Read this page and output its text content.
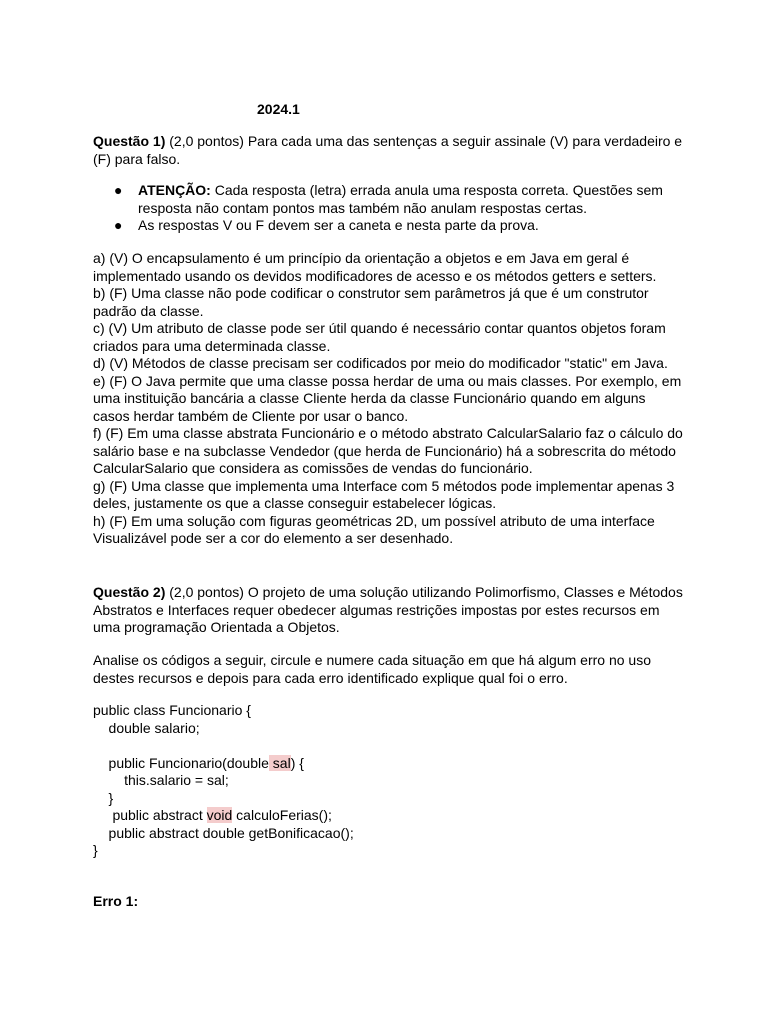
2024.1
Questão 1) (2,0 pontos) Para cada uma das sentenças a seguir assinale (V) para verdadeiro e (F) para falso.
● ATENÇÃO: Cada resposta (letra) errada anula uma resposta correta. Questões sem resposta não contam pontos mas também não anulam respostas certas.
● As respostas V ou F devem ser a caneta e nesta parte da prova.
a) (V) O encapsulamento é um princípio da orientação a objetos e em Java em geral é implementado usando os devidos modificadores de acesso e os métodos getters e setters.
b) (F) Uma classe não pode codificar o construtor sem parâmetros já que é um construtor padrão da classe.
c) (V) Um atributo de classe pode ser útil quando é necessário contar quantos objetos foram criados para uma determinada classe.
d) (V) Métodos de classe precisam ser codificados por meio do modificador "static" em Java.
e) (F) O Java permite que uma classe possa herdar de uma ou mais classes. Por exemplo, em uma instituição bancária a classe Cliente herda da classe Funcionário quando em alguns casos herdar também de Cliente por usar o banco.
f) (F) Em uma classe abstrata Funcionário e o método abstrato CalcularSalario faz o cálculo do salário base e na subclasse Vendedor (que herda de Funcionário) há a sobrescrita do método CalcularSalario que considera as comissões de vendas do funcionário.
g) (F) Uma classe que implementa uma Interface com 5 métodos pode implementar apenas 3 deles, justamente os que a classe conseguir estabelecer lógicas.
h) (F) Em uma solução com figuras geométricas 2D, um possível atributo de uma interface Visualizável pode ser a cor do elemento a ser desenhado.
Questão 2) (2,0 pontos) O projeto de uma solução utilizando Polimorfismo, Classes e Métodos Abstratos e Interfaces requer obedecer algumas restrições impostas por estes recursos em uma programação Orientada a Objetos.
Analise os códigos a seguir, circule e numere cada situação em que há algum erro no uso destes recursos e depois para cada erro identificado explique qual foi o erro.
public class Funcionario {
double salario;
public Funcionario(double sal) {
this.salario = sal;
}
public abstract void calculoFerias();
public abstract double getBonificacao();
}
Erro 1:
